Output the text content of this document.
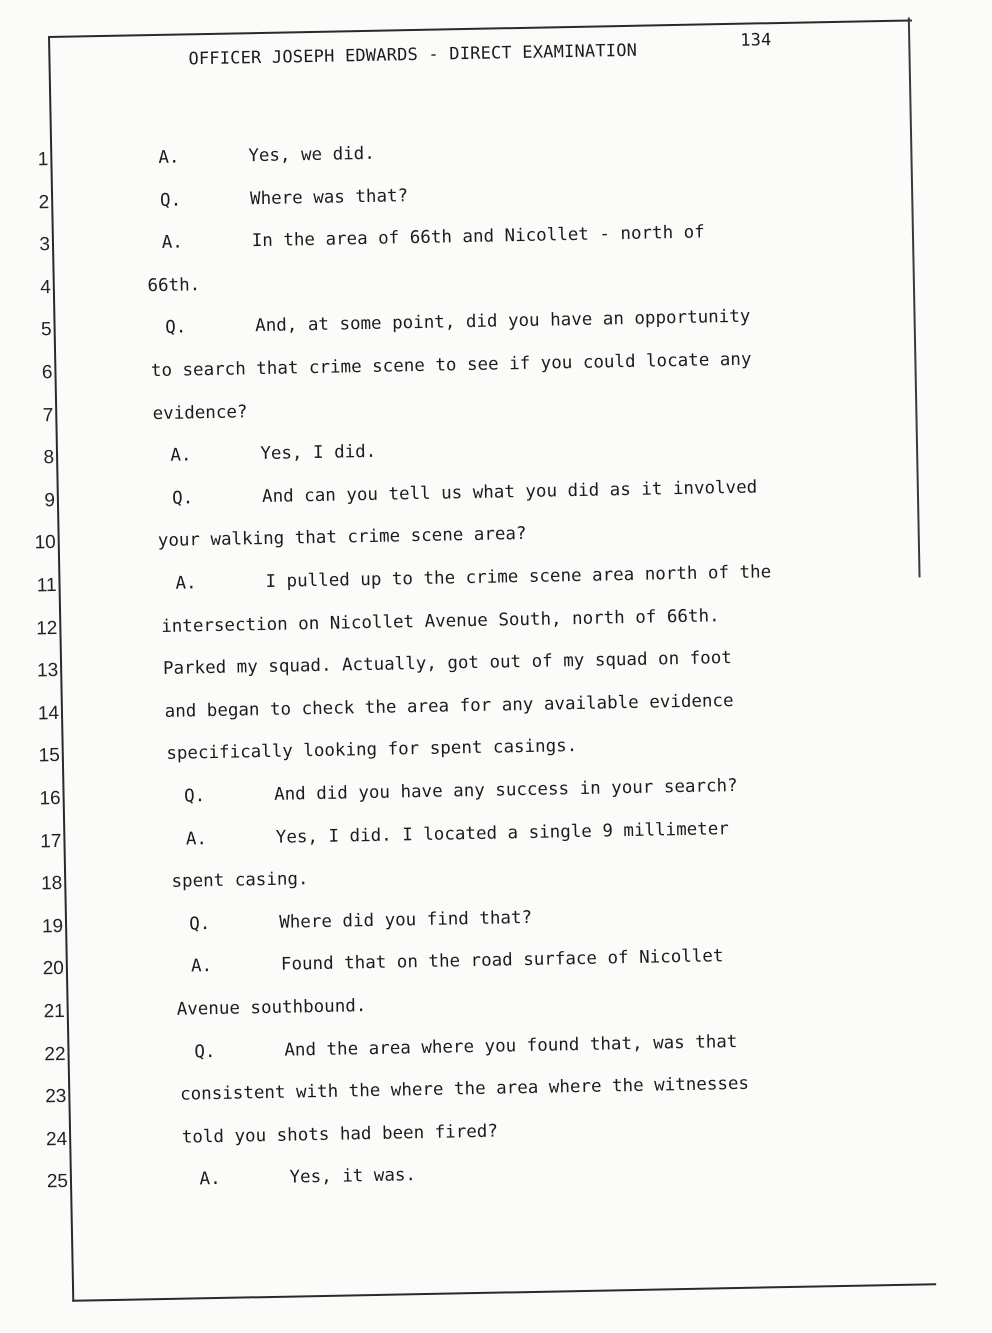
OFFICER JOSEPH EDWARDS - DIRECT EXAMINATION
134
1
2
3
4
5
6
7
8
9
10
11
12
13
14
15
16
17
18
19
20
21
22
23
24
25
A.	Yes, we did.
Q.	Where was that?
A.	In the area of 66th and Nicollet - north of
66th.
Q.	And, at some point, did you have an opportunity
to search that crime scene to see if you could locate any
evidence?
A.	Yes, I did.
Q.	And can you tell us what you did as it involved
your walking that crime scene area?
A.	I pulled up to the crime scene area north of the
intersection on Nicollet Avenue South, north of 66th.
Parked my squad. Actually, got out of my squad on foot
and began to check the area for any available evidence
specifically looking for spent casings.
Q.	And did you have any success in your search?
A.	Yes, I did. I located a single 9 millimeter
spent casing.
Q.	Where did you find that?
A.	Found that on the road surface of Nicollet
Avenue southbound.
Q.	And the area where you found that, was that
consistent with the where the area where the witnesses
told you shots had been fired?
A.	Yes, it was.
